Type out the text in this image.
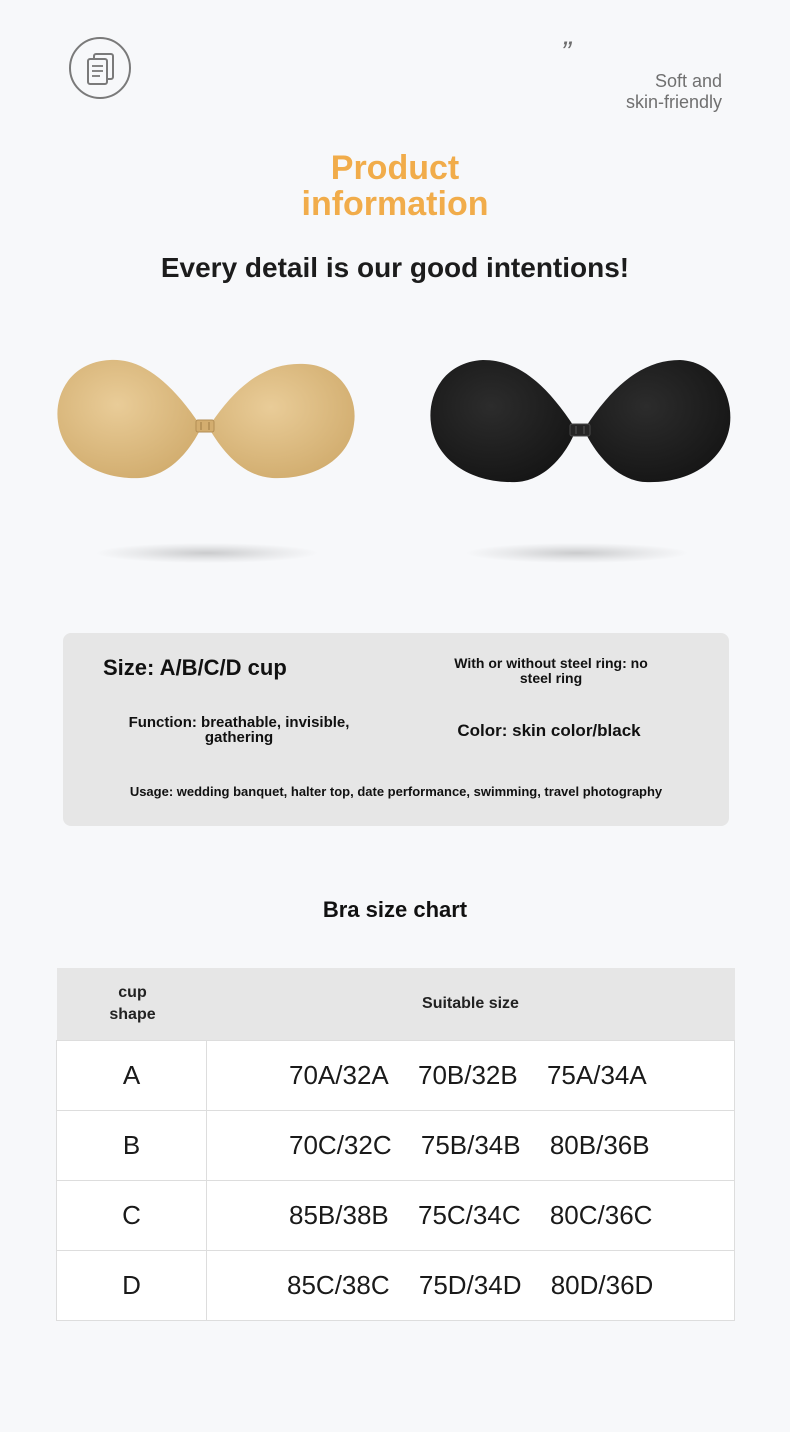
”
Soft and
skin-friendly
Product
information
Every detail is our good intentions!
Size: A/B/C/D cup	With or without steel ring: no
steel ring
Function: breathable, invisible,
gathering	Color: skin color/black
Usage: wedding banquet, halter top, date performance, swimming, travel photography
Bra size chart
cup
shape	Suitable size
A	70A/32A 70B/32B 75A/34A
B	70C/32C 75B/34B 80B/36B
C	85B/38B 75C/34C 80C/36C
D	85C/38C 75D/34D 80D/36D
